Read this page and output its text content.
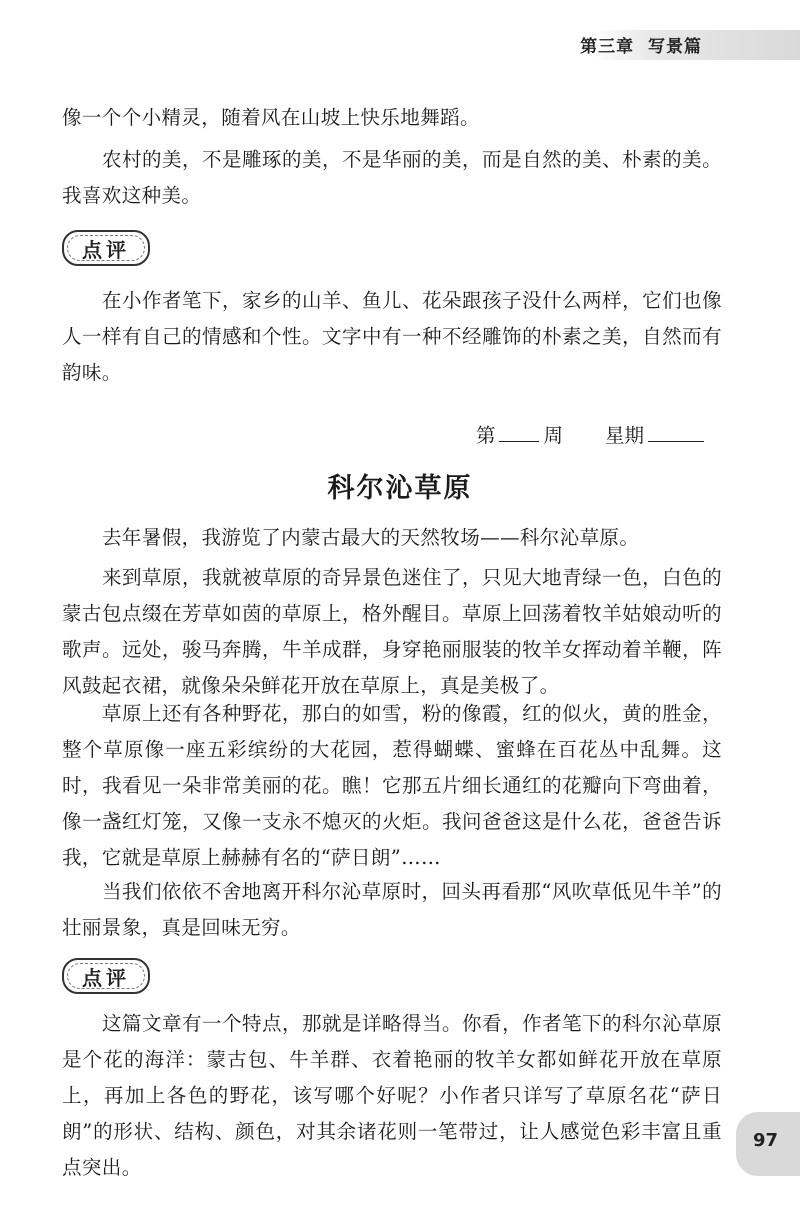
第三章  写景篇

像一个个小精灵，随着风在山坡上快乐地舞蹈。

农村的美，不是雕琢的美，不是华丽的美，而是自然的美、朴素的美。我喜欢这种美。

点评

在小作者笔下，家乡的山羊、鱼儿、花朵跟孩子没什么两样，它们也像人一样有自己的情感和个性。文字中有一种不经雕饰的朴素之美，自然而有韵味。

第 周 星期
科尔沁草原

去年暑假，我游览了内蒙古最大的天然牧场——科尔沁草原。

来到草原，我就被草原的奇异景色迷住了，只见大地青绿一色，白色的蒙古包点缀在芳草如茵的草原上，格外醒目。草原上回荡着牧羊姑娘动听的歌声。远处，骏马奔腾，牛羊成群，身穿艳丽服装的牧羊女挥动着羊鞭，阵风鼓起衣裙，就像朵朵鲜花开放在草原上，真是美极了。

草原上还有各种野花，那白的如雪，粉的像霞，红的似火，黄的胜金，整个草原像一座五彩缤纷的大花园，惹得蝴蝶、蜜蜂在百花丛中乱舞。这时，我看见一朵非常美丽的花。瞧！它那五片细长通红的花瓣向下弯曲着，像一盏红灯笼，又像一支永不熄灭的火炬。我问爸爸这是什么花，爸爸告诉我，它就是草原上赫赫有名的“萨日朗”……

当我们依依不舍地离开科尔沁草原时，回头再看那“风吹草低见牛羊”的壮丽景象，真是回味无穷。

点评

这篇文章有一个特点，那就是详略得当。你看，作者笔下的科尔沁草原是个花的海洋：蒙古包、牛羊群、衣着艳丽的牧羊女都如鲜花开放在草原上，再加上各色的野花，该写哪个好呢？小作者只详写了草原名花“萨日朗”的形状、结构、颜色，对其余诸花则一笔带过，让人感觉色彩丰富且重点突出。

97
